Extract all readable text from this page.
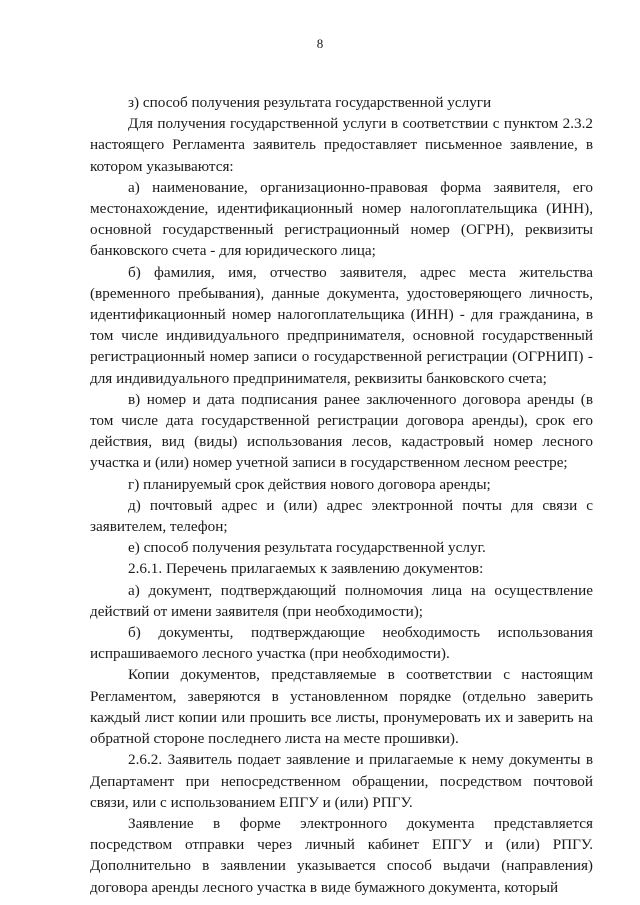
8

з) способ получения результата государственной услуги

Для получения государственной услуги в соответствии с пунктом 2.3.2 настоящего Регламента заявитель предоставляет письменное заявление, в котором указываются:

а) наименование, организационно-правовая форма заявителя, его местонахождение, идентификационный номер налогоплательщика (ИНН), основной государственный регистрационный номер (ОГРН), реквизиты банковского счета - для юридического лица;

б) фамилия, имя, отчество заявителя, адрес места жительства (временного пребывания), данные документа, удостоверяющего личность, идентификационный номер налогоплательщика (ИНН) - для гражданина, в том числе индивидуального предпринимателя, основной государственный регистрационный номер записи о государственной регистрации (ОГРНИП) - для индивидуального предпринимателя, реквизиты банковского счета;

в) номер и дата подписания ранее заключенного договора аренды (в том числе дата государственной регистрации договора аренды), срок его действия, вид (виды) использования лесов, кадастровый номер лесного участка и (или) номер учетной записи в государственном лесном реестре;

г) планируемый срок действия нового договора аренды;

д) почтовый адрес и (или) адрес электронной почты для связи с заявителем, телефон;

е) способ получения результата государственной услуг.

2.6.1. Перечень прилагаемых к заявлению документов:

а) документ, подтверждающий полномочия лица на осуществление действий от имени заявителя (при необходимости);

б) документы, подтверждающие необходимость использования испрашиваемого лесного участка (при необходимости).

Копии документов, представляемые в соответствии с настоящим Регламентом, заверяются в установленном порядке (отдельно заверить каждый лист копии или прошить все листы, пронумеровать их и заверить на обратной стороне последнего листа на месте прошивки).

2.6.2. Заявитель подает заявление и прилагаемые к нему документы в Департамент при непосредственном обращении, посредством почтовой связи, или с использованием ЕПГУ и (или) РПГУ.

Заявление в форме электронного документа представляется посредством отправки через личный кабинет ЕПГУ и (или) РПГУ. Дополнительно в заявлении указывается способ выдачи (направления) договора аренды лесного участка в виде бумажного документа, который
